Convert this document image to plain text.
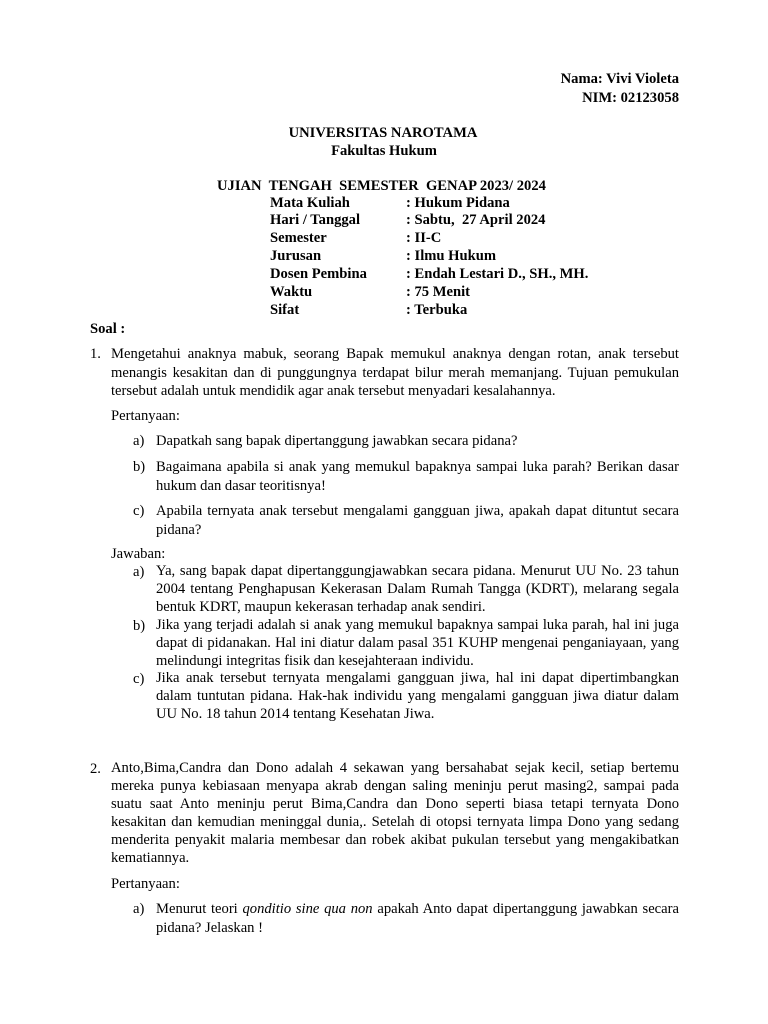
Nama: Vivi Violeta
NIM: 02123058
UNIVERSITAS NAROTAMA
Fakultas Hukum
UJIAN  TENGAH  SEMESTER  GENAP 2023/ 2024
Mata Kuliah	: Hukum Pidana
Hari / Tanggal	: Sabtu,  27 April 2024
Semester	: II-C
Jurusan	: Ilmu Hukum
Dosen Pembina	: Endah Lestari D., SH., MH.
Waktu	: 75 Menit
Sifat	: Terbuka
Soal :
1. Mengetahui anaknya mabuk, seorang Bapak memukul anaknya dengan rotan, anak tersebut menangis kesakitan dan di punggungnya terdapat bilur merah memanjang. Tujuan pemukulan tersebut adalah untuk mendidik agar anak tersebut menyadari kesalahannya.
Pertanyaan:
a) Dapatkah sang bapak dipertanggung jawabkan secara pidana?
b) Bagaimana apabila si anak yang memukul bapaknya sampai luka parah? Berikan dasar hukum dan dasar teoritisnya!
c) Apabila ternyata anak tersebut mengalami gangguan jiwa, apakah dapat dituntut secara pidana?
Jawaban:
a) Ya, sang bapak dapat dipertanggungjawabkan secara pidana. Menurut UU No. 23 tahun 2004 tentang Penghapusan Kekerasan Dalam Rumah Tangga (KDRT), melarang segala bentuk KDRT, maupun kekerasan terhadap anak sendiri.
b) Jika yang terjadi adalah si anak yang memukul bapaknya sampai luka parah, hal ini juga dapat di pidanakan. Hal ini diatur dalam pasal 351 KUHP mengenai penganiayaan, yang melindungi integritas fisik dan kesejahteraan individu.
c) Jika anak tersebut ternyata mengalami gangguan jiwa, hal ini dapat dipertimbangkan dalam tuntutan pidana. Hak-hak individu yang mengalami gangguan jiwa diatur dalam UU No. 18 tahun 2014 tentang Kesehatan Jiwa.
2. Anto,Bima,Candra dan Dono adalah 4 sekawan yang bersahabat sejak kecil, setiap bertemu mereka punya kebiasaan menyapa akrab dengan saling meninju perut masing2, sampai pada suatu saat Anto meninju perut Bima,Candra dan Dono seperti biasa tetapi ternyata Dono kesakitan dan kemudian meninggal dunia,. Setelah di otopsi ternyata limpa Dono yang sedang menderita penyakit malaria membesar dan robek akibat pukulan tersebut yang mengakibatkan kematiannya.
Pertanyaan:
a) Menurut teori qonditio sine qua non apakah Anto dapat dipertanggung jawabkan secara pidana? Jelaskan !
